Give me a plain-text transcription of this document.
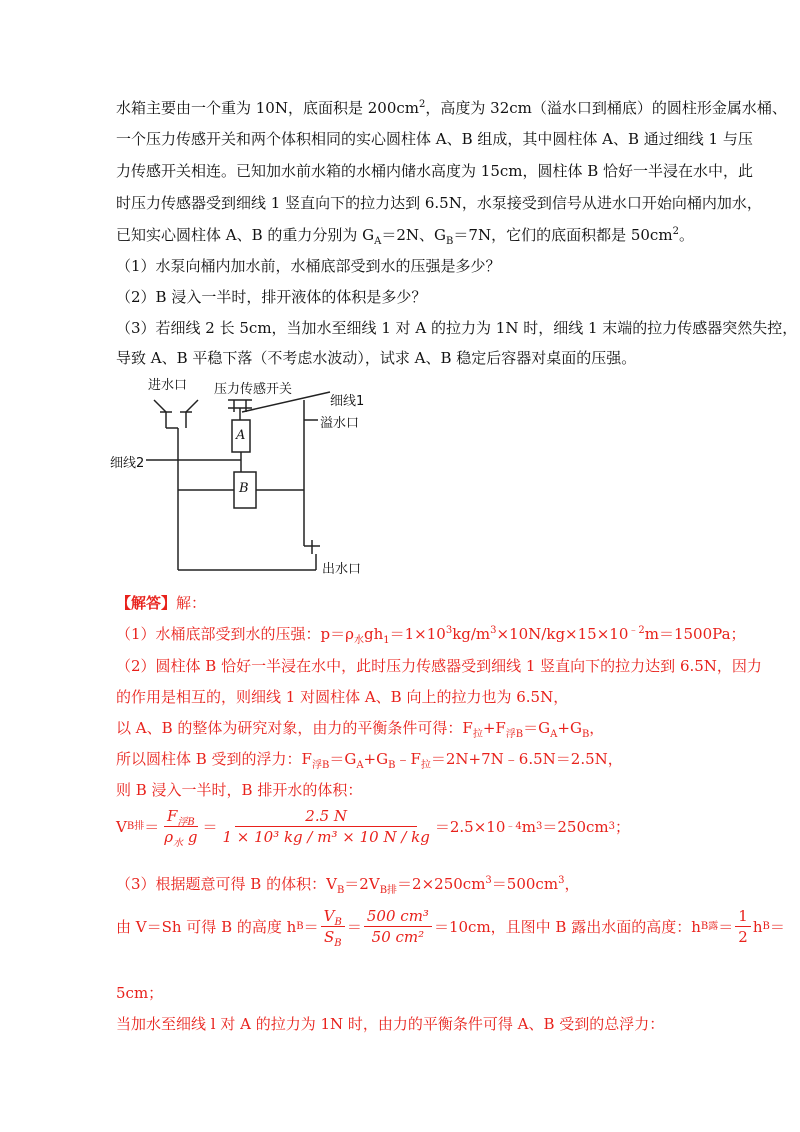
水箱主要由一个重为 10N，底面积是 $200cm^2$，高度为 32cm（溢水口到桶底）的圆柱形金属水桶、
一个压力传感开关和两个体积相同的实心圆柱体 A、B 组成，其中圆柱体 A、B 通过细线 1 与压
力传感开关相连。已知加水前水箱的水桶内储水高度为 15cm，圆柱体 B 恰好一半浸在水中，此
时压力传感器受到细线 1 竖直向下的拉力达到 6.5N，水泵接受到信号从进水口开始向桶内加水，
已知实心圆柱体 A、B 的重力分别为 $G_A=2N$、$G_B=7N$，它们的底面积都是 $50cm^2$。
（1）水泵向桶内加水前，水桶底部受到水的压强是多少？
（2）B 浸入一半时，排开液体的体积是多少？
（3）若细线 2 长 5cm，当加水至细线 1 对 A 的拉力为 1N 时，细线 1 末端的拉力传感器突然失控，
导致 A、B 平稳下落（不考虑水波动），试求 A、B 稳定后容器对桌面的压强。
进水口 压力传感开关
细线1
溢水口
细线2
出水口
A
B
【解答】解：
（1）水桶底部受到水的压强：$p=\rho_水gh_1=1\times 10^3kg/m^3\times 10N/kg\times 15\times 10^{﹣2}m=1500Pa$；
（2）圆柱体 B 恰好一半浸在水中，此时压力传感器受到细线 1 竖直向下的拉力达到 6.5N，因力
的作用是相互的，则细线 1 对圆柱体 A、B 向上的拉力也为 6.5N，
以 A、B 的整体为研究对象，由力的平衡条件可得：$F_拉+F_{浮B}=G_A+G_B$，
所以圆柱体 B 受到的浮力：$F_{浮B}=G_A+G_B﹣F_拉=2N+7N﹣6.5N=2.5N$，
则 B 浸入一半时，B 排开水的体积：
V B排 ＝ $\frac{F_{浮B}}{\rho_水 g} = \frac{2.5 N}{\text{1 × 10³ kg / m³ × 10 N / kg}} = 2.5\times 10$ ﹣4 m 3 ＝250cm 3 ；
（3）根据题意可得 B 的体积：$V_B=2V_{B排}=2\times 250cm^3=500cm^3$，
由 V＝Sh 可得 B 的高度 h $B = \frac{V_B}{S_B} = \frac{\text{500 cm³}}{\text{50 cm²}} = 10cm$，且图中 B 露出水面的高度：h B露 ＝ $\frac{1}{2}$ h B ＝
5cm；
当加水至细线 l 对 A 的拉力为 1N 时，由力的平衡条件可得 A、B 受到的总浮力：
